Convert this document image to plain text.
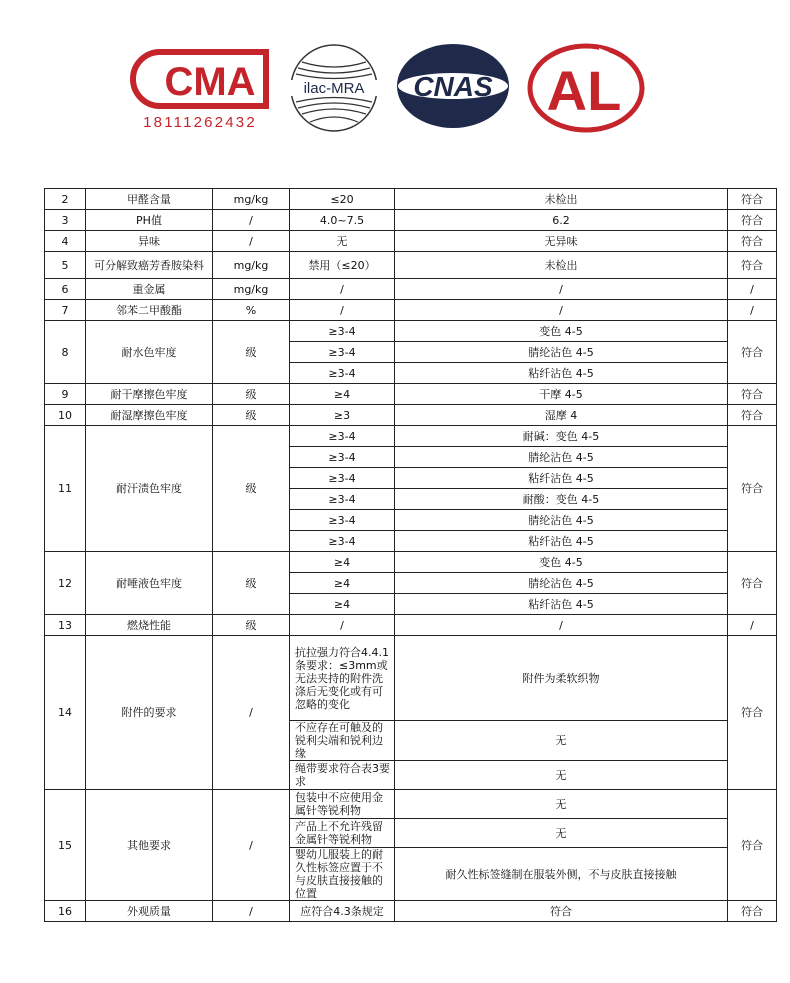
CMA
18111262432
ilac-MRA CNAS AL
2	甲醛含量	mg/kg	≤20	未检出	符合
3	PH值	/	4.0~7.5	6.2	符合
4	异味	/	无	无异味	符合
5	可分解致癌芳香胺染料	mg/kg	禁用（≤20）	未检出	符合
6	重金属	mg/kg	/	/	/
7	邻苯二甲酸酯	%	/	/	/
8	耐水色牢度	级	≥3-4	变色 4-5	符合
			≥3-4	腈纶沾色 4-5	
			≥3-4	粘纤沾色 4-5	
9	耐干摩擦色牢度	级	≥4	干摩 4-5	符合
10	耐湿摩擦色牢度	级	≥3	湿摩 4	符合
11	耐汗渍色牢度	级	≥3-4	耐碱：变色 4-5	符合
			≥3-4	腈纶沾色 4-5	
			≥3-4	粘纤沾色 4-5	
			≥3-4	耐酸：变色 4-5	
			≥3-4	腈纶沾色 4-5	
			≥3-4	粘纤沾色 4-5	
12	耐唾液色牢度	级	≥4	变色 4-5	符合
			≥4	腈纶沾色 4-5	
			≥4	粘纤沾色 4-5	
13	燃烧性能	级	/	/	/
14	附件的要求	/	抗拉强力符合4.4.1条要求：≤3mm或无法夹持的附件洗涤后无变化或有可忽略的变化	附件为柔软织物	符合
			不应存在可触及的锐利尖端和锐利边缘	无	
			绳带要求符合表3要求	无	
15	其他要求	/	包装中不应使用金属针等锐利物	无	符合
			产品上不允许残留金属针等锐利物	无	
			婴幼儿服装上的耐久性标签应置于不与皮肤直接接触的位置	耐久性标签缝制在服装外侧，不与皮肤直接接触	
16	外观质量	/	应符合4.3条规定	符合	符合
